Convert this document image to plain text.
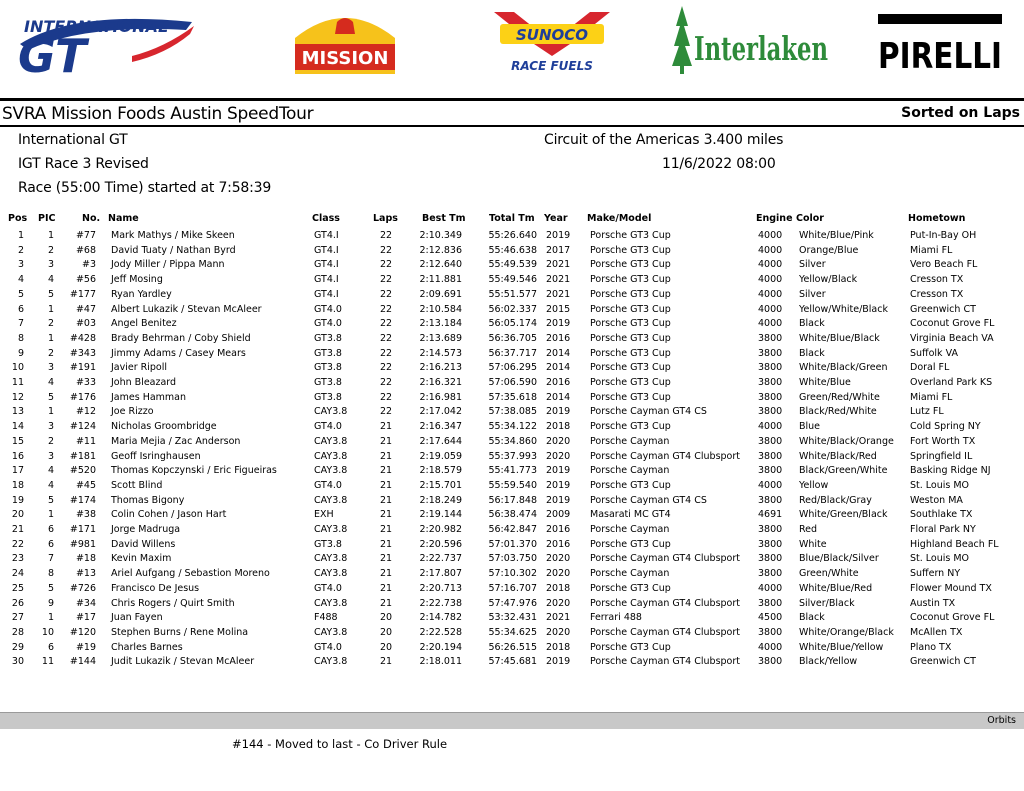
INTERNATIONAL
GT	MISSION
SUNOCO
RACE FUELS	Interlaken PIRELLI
SVRA Mission Foods Austin SpeedTour	Sorted on Laps
International GT
IGT Race 3 Revised
Race (55:00 Time) started at 7:58:39
Circuit of the Americas 3.400 miles
11/6/2022 08:00
Pos PIC	No. Name	Class	Laps	Best Tm Total Tm Year Make/Model	Engine Color	Hometown
1	1	#77 Mark Mathys / Mike Skeen	GT4.I	22	2:10.349	55:26.640 2019 Porsche GT3 Cup	4000 White/Blue/Pink	Put-In-Bay OH
2	2	#68 David Tuaty / Nathan Byrd	GT4.I	22	2:12.836	55:46.638 2017 Porsche GT3 Cup	4000 Orange/Blue	Miami FL
3	3	#3 Jody Miller / Pippa Mann	GT4.I	22	2:12.640	55:49.539 2021 Porsche GT3 Cup	4000 Silver	Vero Beach FL
4	4	#56 Jeff Mosing	GT4.I	22	2:11.881	55:49.546 2021 Porsche GT3 Cup	4000 Yellow/Black	Cresson TX
5	5	#177 Ryan Yardley	GT4.I	22	2:09.691	55:51.577 2021 Porsche GT3 Cup	4000 Silver	Cresson TX
6	1	#47 Albert Lukazik / Stevan McAleer	GT4.0	22	2:10.584	56:02.337 2015 Porsche GT3 Cup	4000 Yellow/White/Black Greenwich CT
7	2	#03 Angel Benitez	GT4.0	22	2:13.184	56:05.174 2019 Porsche GT3 Cup	4000 Black	Coconut Grove FL
8	1	#428 Brady Behrman / Coby Shield	GT3.8	22	2:13.689	56:36.705 2016 Porsche GT3 Cup	3800 White/Blue/Black	Virginia Beach VA
9	2	#343 Jimmy Adams / Casey Mears	GT3.8	22	2:14.573	56:37.717 2014 Porsche GT3 Cup	3800 Black	Suffolk VA
10	3	#191 Javier Ripoll	GT3.8	22	2:16.213	57:06.295 2014 Porsche GT3 Cup	3800 White/Black/Green Doral FL
11	4	#33 John Bleazard	GT3.8	22	2:16.321	57:06.590 2016 Porsche GT3 Cup	3800 White/Blue	Overland Park KS
12	5	#176 James Hamman	GT3.8	22	2:16.981	57:35.618 2014 Porsche GT3 Cup	3800 Green/Red/White	Miami FL
13	1	#12 Joe Rizzo	CAY3.8	22	2:17.042	57:38.085 2019 Porsche Cayman GT4 CS	3800 Black/Red/White	Lutz FL
14	3	#124 Nicholas Groombridge	GT4.0	21	2:16.347	55:34.122 2018 Porsche GT3 Cup	4000 Blue	Cold Spring NY
15	2	#11 Maria Mejia / Zac Anderson	CAY3.8	21	2:17.644	55:34.860 2020 Porsche Cayman	3800 White/Black/Orange Fort Worth TX
16	3	#181 Geoff Isringhausen	CAY3.8	21	2:19.059	55:37.993 2020 Porsche Cayman GT4 Clubsport 3800 White/Black/Red	Springfield IL
17	4	#520 Thomas Kopczynski / Eric Figueiras	CAY3.8	21	2:18.579	55:41.773 2019 Porsche Cayman	3800 Black/Green/White Basking Ridge NJ
18	4	#45 Scott Blind	GT4.0	21	2:15.701	55:59.540 2019 Porsche GT3 Cup	4000 Yellow	St. Louis MO
19	5	#174 Thomas Bigony	CAY3.8	21	2:18.249	56:17.848 2019 Porsche Cayman GT4 CS	3800 Red/Black/Gray	Weston MA
20	1	#38 Colin Cohen / Jason Hart	EXH	21	2:19.144	56:38.474 2009 Masarati MC GT4	4691 White/Green/Black Southlake TX
21	6	#171 Jorge Madruga	CAY3.8	21	2:20.982	56:42.847 2016 Porsche Cayman	3800 Red	Floral Park NY
22	6	#981 David Willens	GT3.8	21	2:20.596	57:01.370 2016 Porsche GT3 Cup	3800 White	Highland Beach FL
23	7	#18 Kevin Maxim	CAY3.8	21	2:22.737	57:03.750 2020 Porsche Cayman GT4 Clubsport 3800 Blue/Black/Silver	St. Louis MO
24	8	#13 Ariel Aufgang / Sebastion Moreno	CAY3.8	21	2:17.807	57:10.302 2020 Porsche Cayman	3800 Green/White	Suffern NY
25	5	#726 Francisco De Jesus	GT4.0	21	2:20.713	57:16.707 2018 Porsche GT3 Cup	4000 White/Blue/Red	Flower Mound TX
26	9	#34 Chris Rogers / Quirt Smith	CAY3.8	21	2:22.738	57:47.976 2020 Porsche Cayman GT4 Clubsport 3800 Silver/Black	Austin TX
27	1	#17 Juan Fayen	F488	20	2:14.782	53:32.431 2021 Ferrari 488	4500 Black	Coconut Grove FL
28	10	#120 Stephen Burns / Rene Molina	CAY3.8	20	2:22.528	55:34.625 2020 Porsche Cayman GT4 Clubsport 3800 White/Orange/Black McAllen TX
29	6	#19 Charles Barnes	GT4.0	20	2:20.194	56:26.515 2018 Porsche GT3 Cup	4000 White/Blue/Yellow	Plano TX
30	11	#144 Judit Lukazik / Stevan McAleer	CAY3.8	21	2:18.011	57:45.681 2019 Porsche Cayman GT4 Clubsport 3800 Black/Yellow	Greenwich CT
Orbits
#144 - Moved to last - Co Driver Rule
